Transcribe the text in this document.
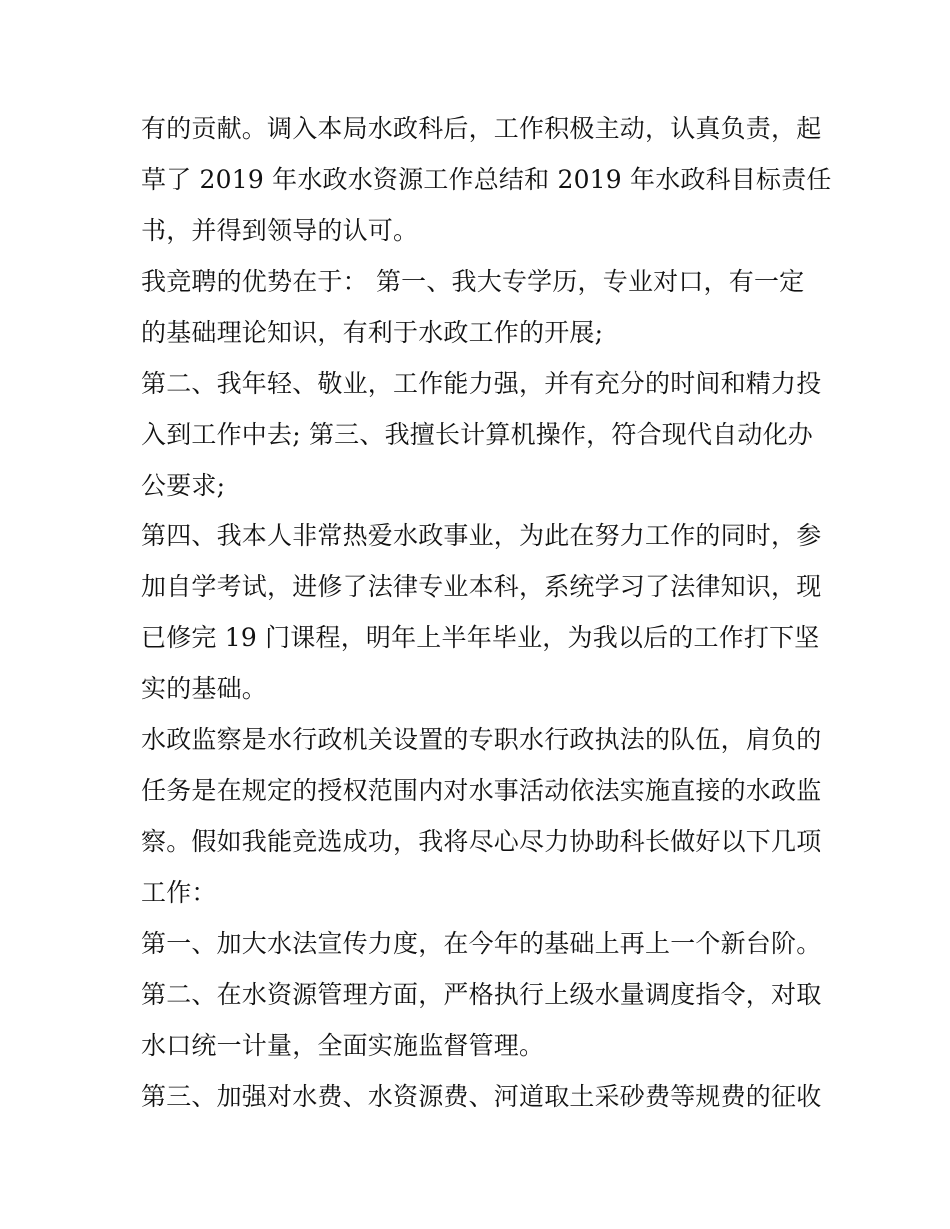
有的贡献。调入本局水政科后，工作积极主动，认真负责，起
草了 2019 年水政水资源工作总结和 2019 年水政科目标责任
书，并得到领导的认可。
我竞聘的优势在于： 第一、我大专学历，专业对口，有一定
的基础理论知识，有利于水政工作的开展;
第二、我年轻、敬业，工作能力强，并有充分的时间和精力投
入到工作中去; 第三、我擅长计算机操作，符合现代自动化办
公要求;
第四、我本人非常热爱水政事业，为此在努力工作的同时，参
加自学考试，进修了法律专业本科，系统学习了法律知识，现
已修完 19 门课程，明年上半年毕业，为我以后的工作打下坚
实的基础。
水政监察是水行政机关设置的专职水行政执法的队伍，肩负的
任务是在规定的授权范围内对水事活动依法实施直接的水政监
察。假如我能竞选成功，我将尽心尽力协助科长做好以下几项
工作：
第一、加大水法宣传力度，在今年的基础上再上一个新台阶。
第二、在水资源管理方面，严格执行上级水量调度指令，对取
水口统一计量，全面实施监督管理。
第三、加强对水费、水资源费、河道取土采砂费等规费的征收
